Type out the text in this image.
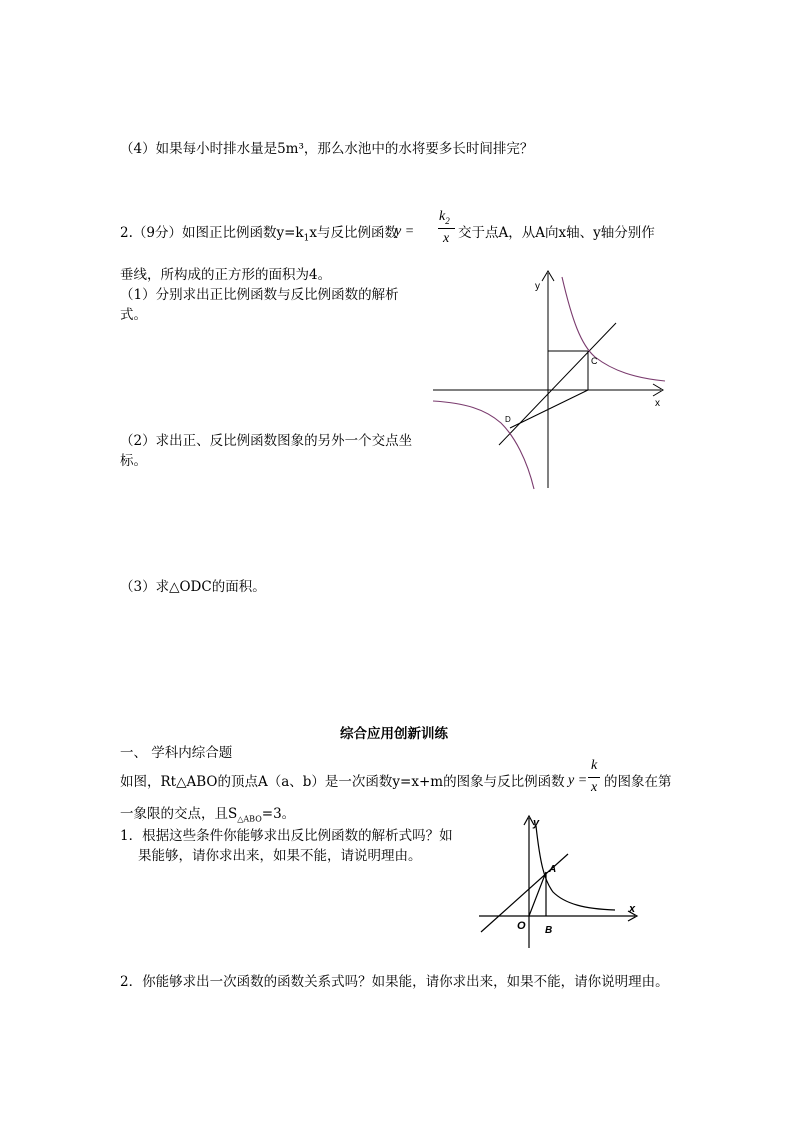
（4）如果每小时排水量是5m³，那么水池中的水将要多长时间排完？
2.（9分）如图正比例函数$y=k_1x$与反比例函数
y =
$k_2$
x 交于点A，从A向x轴、y轴分别作
垂线，所构成的正方形的面积为4。
（1）分别求出正比例函数与反比例函数的解析
式。
（2）求出正、反比例函数图象的另外一个交点坐
标。
（3）求△ODC的面积。
y
x
C
D
综合应用创新训练
一、 学科内综合题
如图，Rt△ABO的顶点A（a、b）是一次函数y=x+m的图象与反比例函数 y =
k
x 的图象在第
一象限的交点，且$S_{\triangle ABO}=3$。
1．根据这些条件你能够求出反比例函数的解析式吗？如
果能够，请你求出来，如果不能，请说明理由。
2．你能够求出一次函数的函数关系式吗？如果能，请你求出来，如果不能，请你说明理由。
y
x
A
O B
